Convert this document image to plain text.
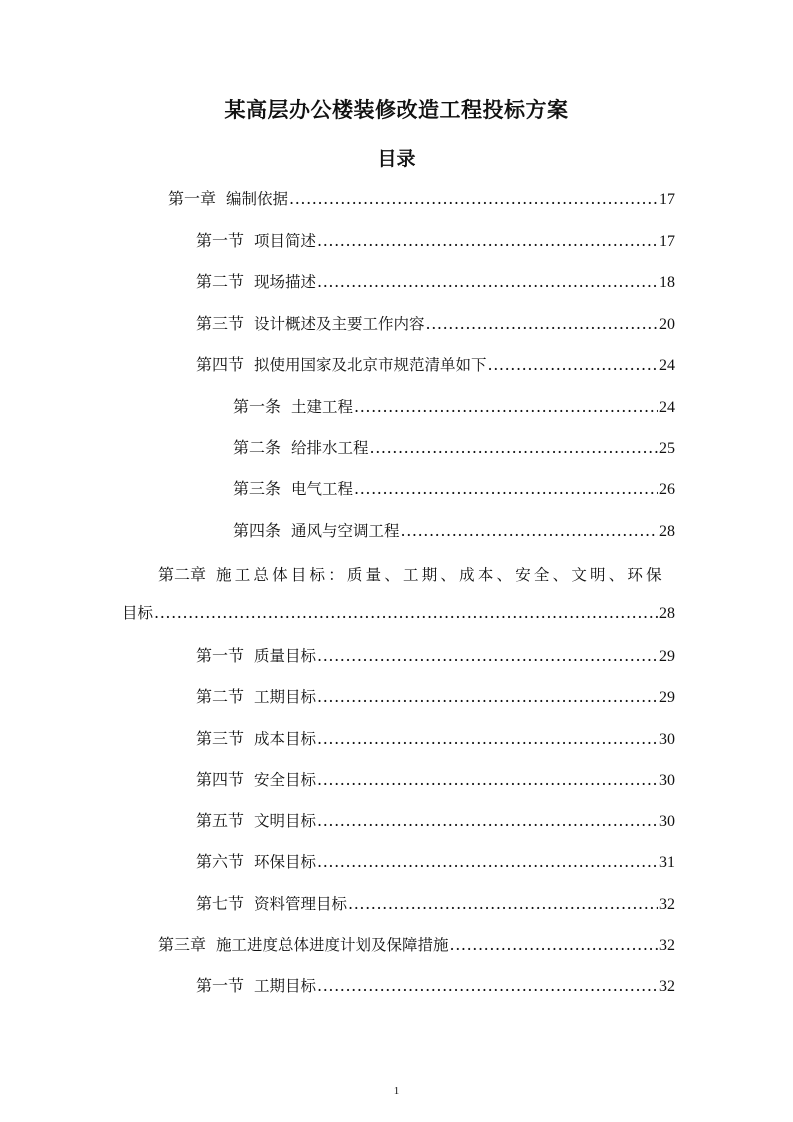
某高层办公楼装修改造工程投标方案
目录
第一章 编制依据 .....	17
第一节 项目简述 .....	17
第二节 现场描述 .....	18
第三节 设计概述及主要工作内容 .....	20
第四节 拟使用国家及北京市规范清单如下 .....	24
第一条 土建工程 .....	24
第二条 给排水工程 .....	25
第三条 电气工程 .....	26
第四条 通风与空调工程 .....	28
第二章 施工总体目标：质量、工期、成本、安全、文明、环保
目标 .....	28
第一节 质量目标 .....	29
第二节 工期目标 .....	29
第三节 成本目标 .....	30
第四节 安全目标 .....	30
第五节 文明目标 .....	30
第六节 环保目标 .....	31
第七节 资料管理目标 .....	32
第三章 施工进度总体进度计划及保障措施 .....	32
第一节 工期目标 .....	32
1
